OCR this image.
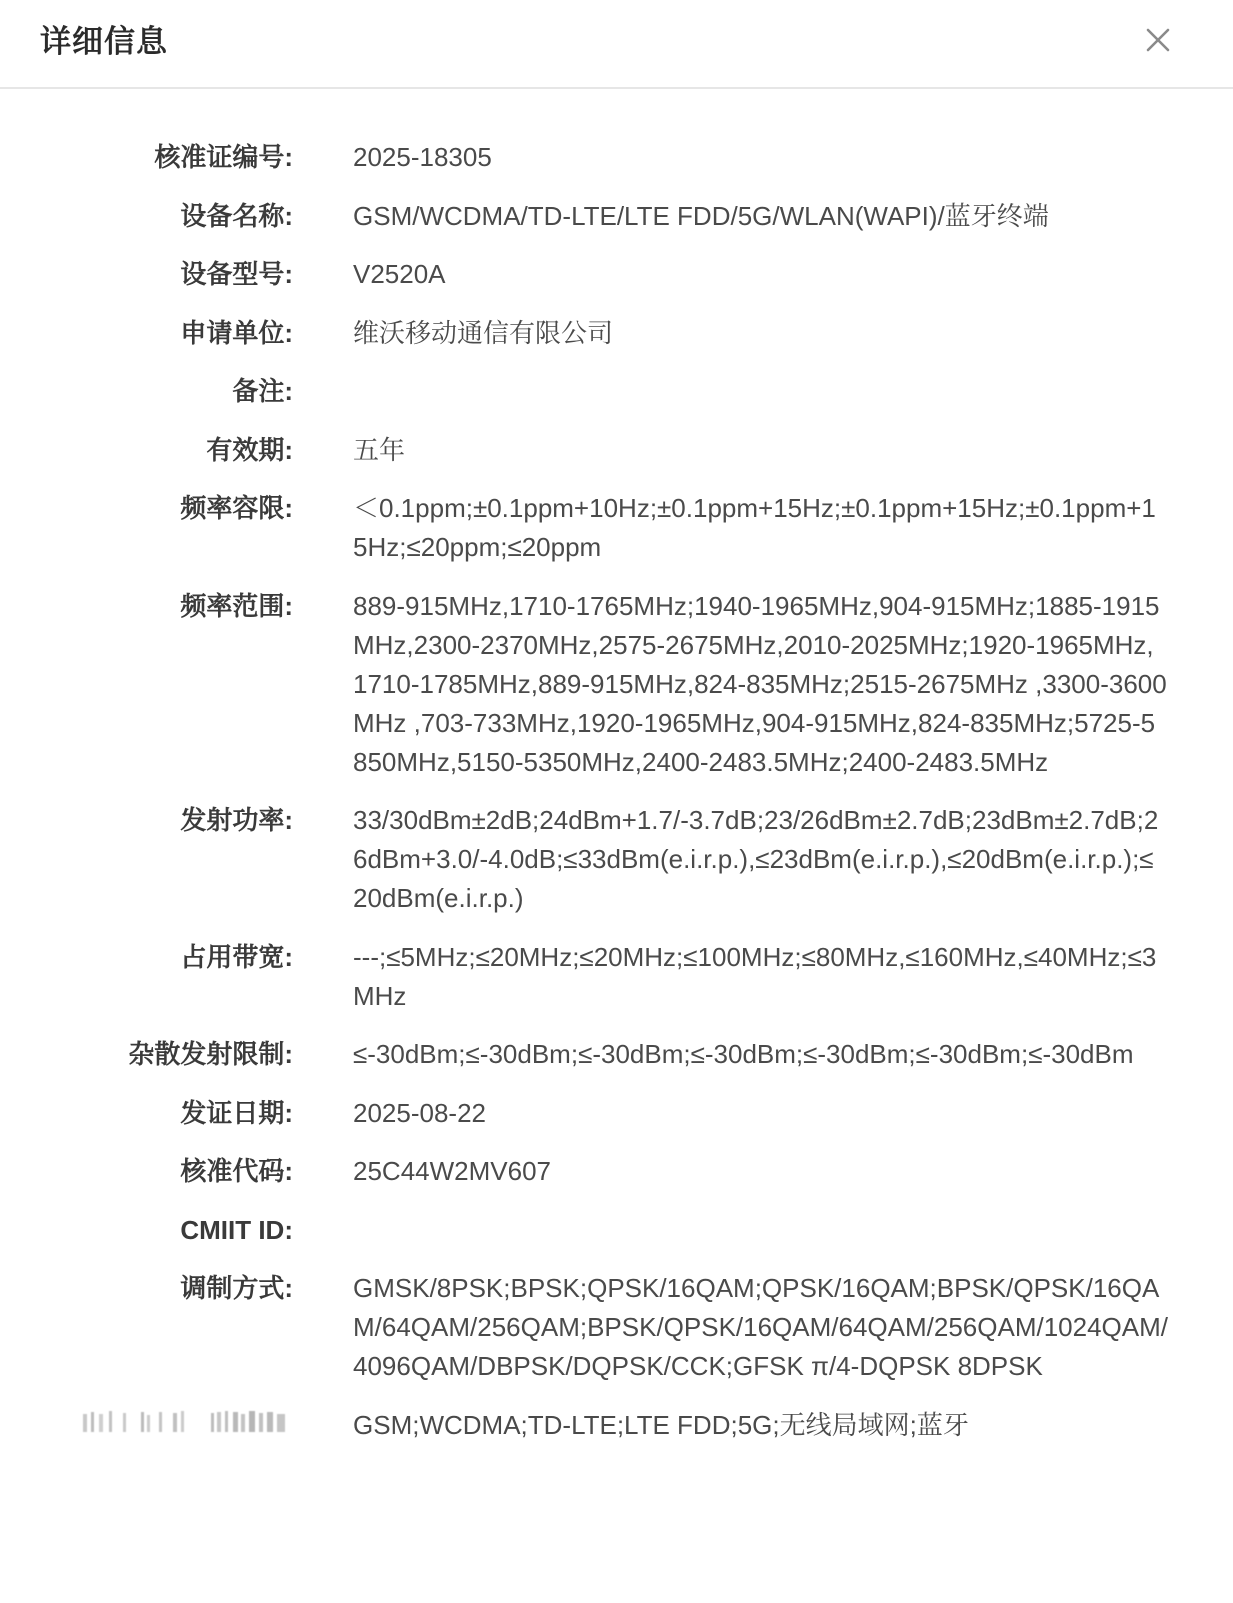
详细信息
核准证编号: 2025-18305
设备名称: GSM/WCDMA/TD-LTE/LTE FDD/5G/WLAN(WAPI)/蓝牙终端
设备型号: V2520A
申请单位: 维沃移动通信有限公司
备注:
有效期: 五年
频率容限: ＜0.1ppm;±0.1ppm+10Hz;±0.1ppm+15Hz;±0.1ppm+15Hz;±0.1ppm+15Hz;≤20ppm;≤20ppm
频率范围: 889-915MHz,1710-1765MHz;1940-1965MHz,904-915MHz;1885-1915MHz,2300-2370MHz,2575-2675MHz,2010-2025MHz;1920-1965MHz,1710-1785MHz,889-915MHz,824-835MHz;2515-2675MHz ,3300-3600MHz ,703-733MHz,1920-1965MHz,904-915MHz,824-835MHz;5725-5850MHz,5150-5350MHz,2400-2483.5MHz;2400-2483.5MHz
发射功率: 33/30dBm±2dB;24dBm+1.7/-3.7dB;23/26dBm±2.7dB;23dBm±2.7dB;26dBm+3.0/-4.0dB;≤33dBm(e.i.r.p.),≤23dBm(e.i.r.p.),≤20dBm(e.i.r.p.);≤20dBm(e.i.r.p.)
占用带宽: ---;≤5MHz;≤20MHz;≤20MHz;≤100MHz;≤80MHz,≤160MHz,≤40MHz;≤3MHz
杂散发射限制: ≤-30dBm;≤-30dBm;≤-30dBm;≤-30dBm;≤-30dBm;≤-30dBm;≤-30dBm
发证日期: 2025-08-22
核准代码: 25C44W2MV607
CMIIT ID:
调制方式: GMSK/8PSK;BPSK;QPSK/16QAM;QPSK/16QAM;BPSK/QPSK/16QAM/64QAM/256QAM;BPSK/QPSK/16QAM/64QAM/256QAM/1024QAM/4096QAM/DBPSK/DQPSK/CCK;GFSK π/4-DQPSK 8DPSK
GSM;WCDMA;TD-LTE;LTE FDD;5G;无线局域网;蓝牙
